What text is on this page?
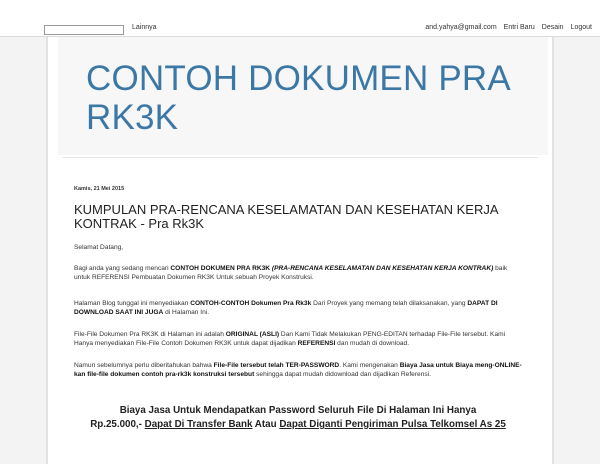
Lainnya	and.yahya@gmail.com Entri Baru Desain Logout
CONTOH DOKUMEN PRA RK3K
Kamis, 21 Mei 2015
KUMPULAN PRA-RENCANA KESELAMATAN DAN KESEHATAN KERJA KONTRAK - Pra Rk3K
Selamat Datang,
Bagi anda yang sedang mencari CONTOH DOKUMEN PRA RK3K (PRA-RENCANA KESELAMATAN DAN KESEHATAN KERJA KONTRAK) baik untuk REFERENSI Pembuatan Dokumen RK3K Untuk sebuah Proyek Konstruksi.
Halaman Blog tunggal ini menyediakan CONTOH-CONTOH Dokumen Pra Rk3k Dari Proyek yang memang telah dilaksanakan, yang DAPAT DI DOWNLOAD SAAT INI JUGA di Halaman Ini.
File-File Dokumen Pra RK3K di Halaman ini adalah ORIGINAL (ASLI) Dan Kami Tidak Melakukan PENG-EDITAN terhadap File-File tersebut. Kami Hanya menyediakan File-File Contoh Dokumen RK3K untuk dapat dijadikan REFERENSI dan mudah di download.
Namun sebelumnya perlu diberitahukan bahwa File-File tersebut telah TER-PASSWORD. Kami mengenakan Biaya Jasa untuk Biaya meng-ONLINE-kan file-file dokumen contoh pra-rk3k konstruksi tersebut sehingga dapat mudah didownload dan dijadikan Referensi.
Biaya Jasa Untuk Mendapatkan Password Seluruh File Di Halaman Ini Hanya
Rp.25.000,- Dapat Di Transfer Bank Atau Dapat Diganti Pengiriman Pulsa Telkomsel As 25
